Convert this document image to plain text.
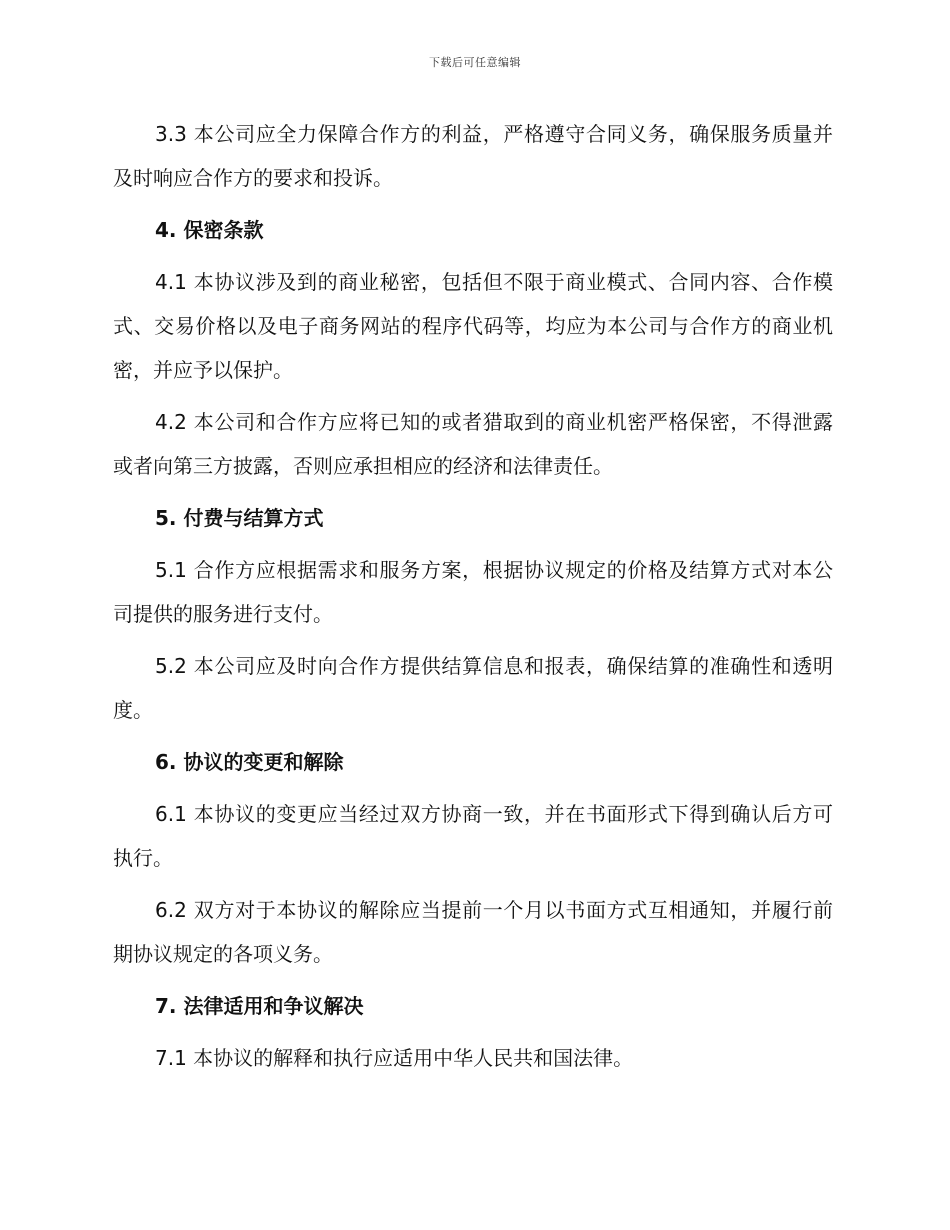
下载后可任意编辑

3.3 本公司应全力保障合作方的利益，严格遵守合同义务，确保服务质量并及时响应合作方的要求和投诉。

4. 保密条款

4.1 本协议涉及到的商业秘密，包括但不限于商业模式、合同内容、合作模式、交易价格以及电子商务网站的程序代码等，均应为本公司与合作方的商业机密，并应予以保护。

4.2 本公司和合作方应将已知的或者猎取到的商业机密严格保密，不得泄露或者向第三方披露，否则应承担相应的经济和法律责任。

5. 付费与结算方式

5.1 合作方应根据需求和服务方案，根据协议规定的价格及结算方式对本公司提供的服务进行支付。

5.2 本公司应及时向合作方提供结算信息和报表，确保结算的准确性和透明度。

6. 协议的变更和解除

6.1 本协议的变更应当经过双方协商一致，并在书面形式下得到确认后方可执行。

6.2 双方对于本协议的解除应当提前一个月以书面方式互相通知，并履行前期协议规定的各项义务。

7. 法律适用和争议解决

7.1 本协议的解释和执行应适用中华人民共和国法律。
